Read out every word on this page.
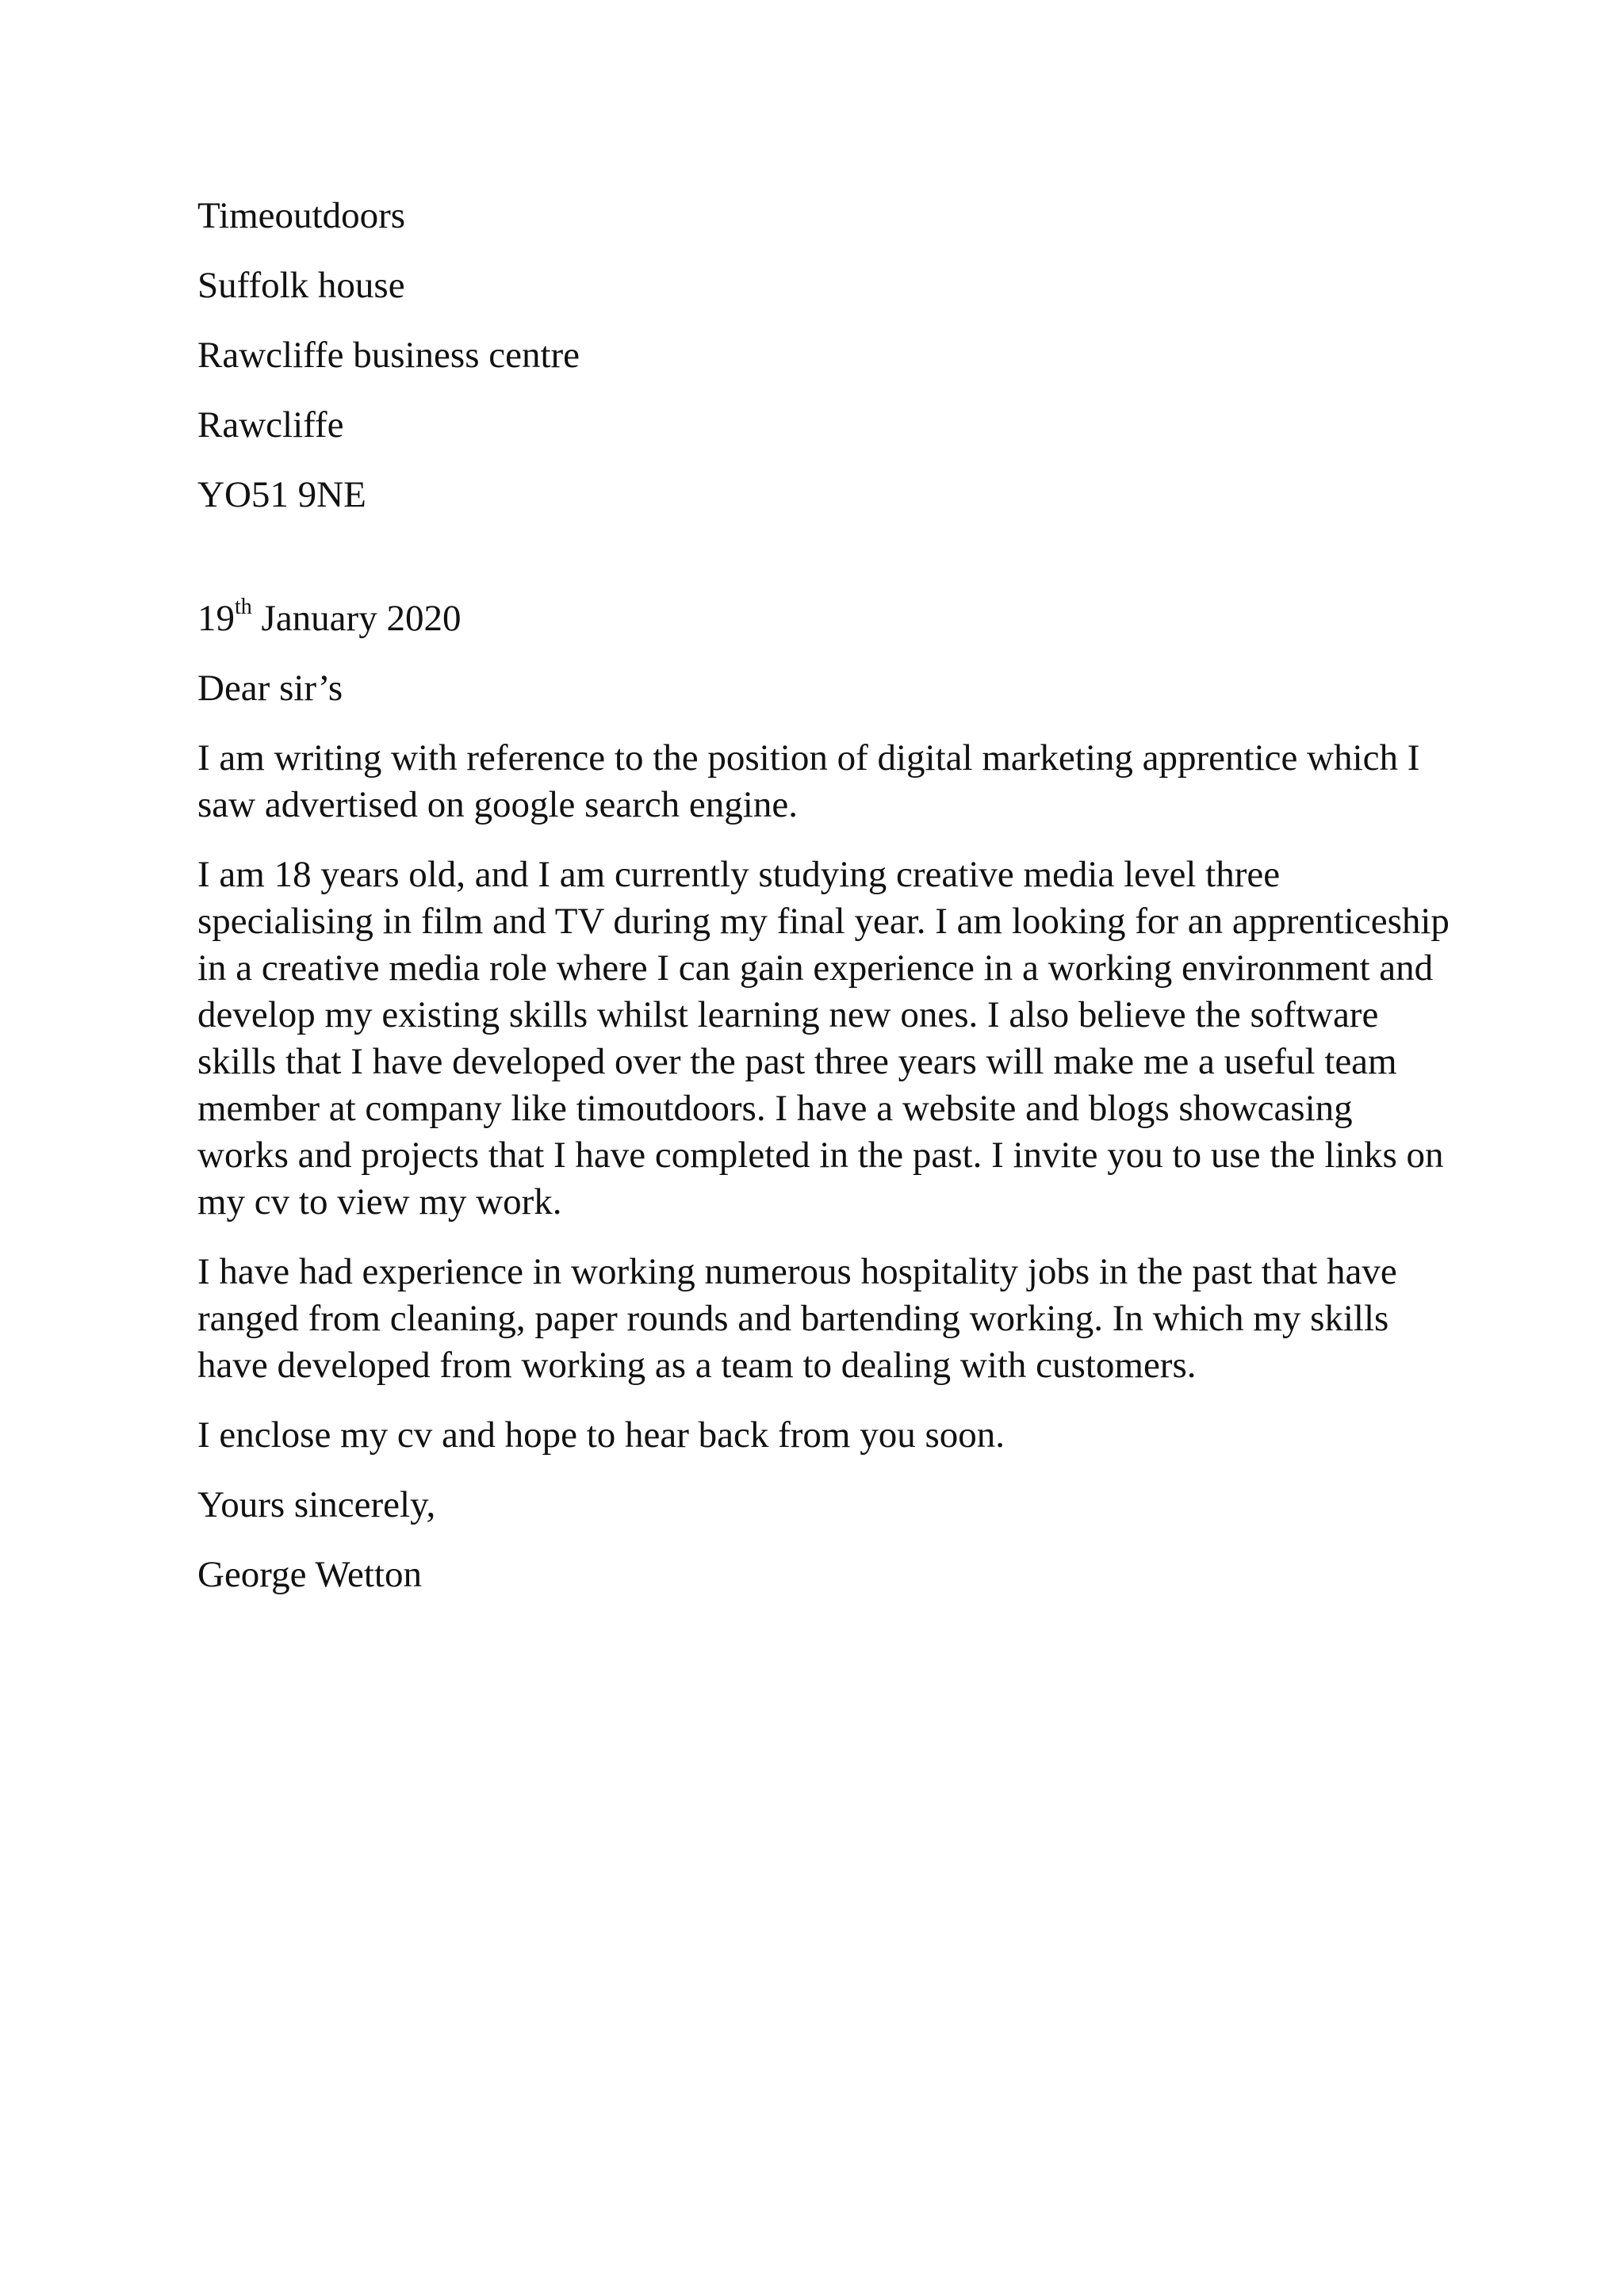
Timeoutdoors

Suffolk house

Rawcliffe business centre

Rawcliffe

YO51 9NE

19th January 2020

Dear sir’s

I am writing with reference to the position of digital marketing apprentice which I saw advertised on google search engine.

I am 18 years old, and I am currently studying creative media level three specialising in film and TV during my final year. I am looking for an apprenticeship in a creative media role where I can gain experience in a working environment and develop my existing skills whilst learning new ones. I also believe the software skills that I have developed over the past three years will make me a useful team member at company like timoutdoors. I have a website and blogs showcasing works and projects that I have completed in the past. I invite you to use the links on my cv to view my work.

I have had experience in working numerous hospitality jobs in the past that have ranged from cleaning, paper rounds and bartending working. In which my skills have developed from working as a team to dealing with customers.

I enclose my cv and hope to hear back from you soon.

Yours sincerely,

George Wetton
